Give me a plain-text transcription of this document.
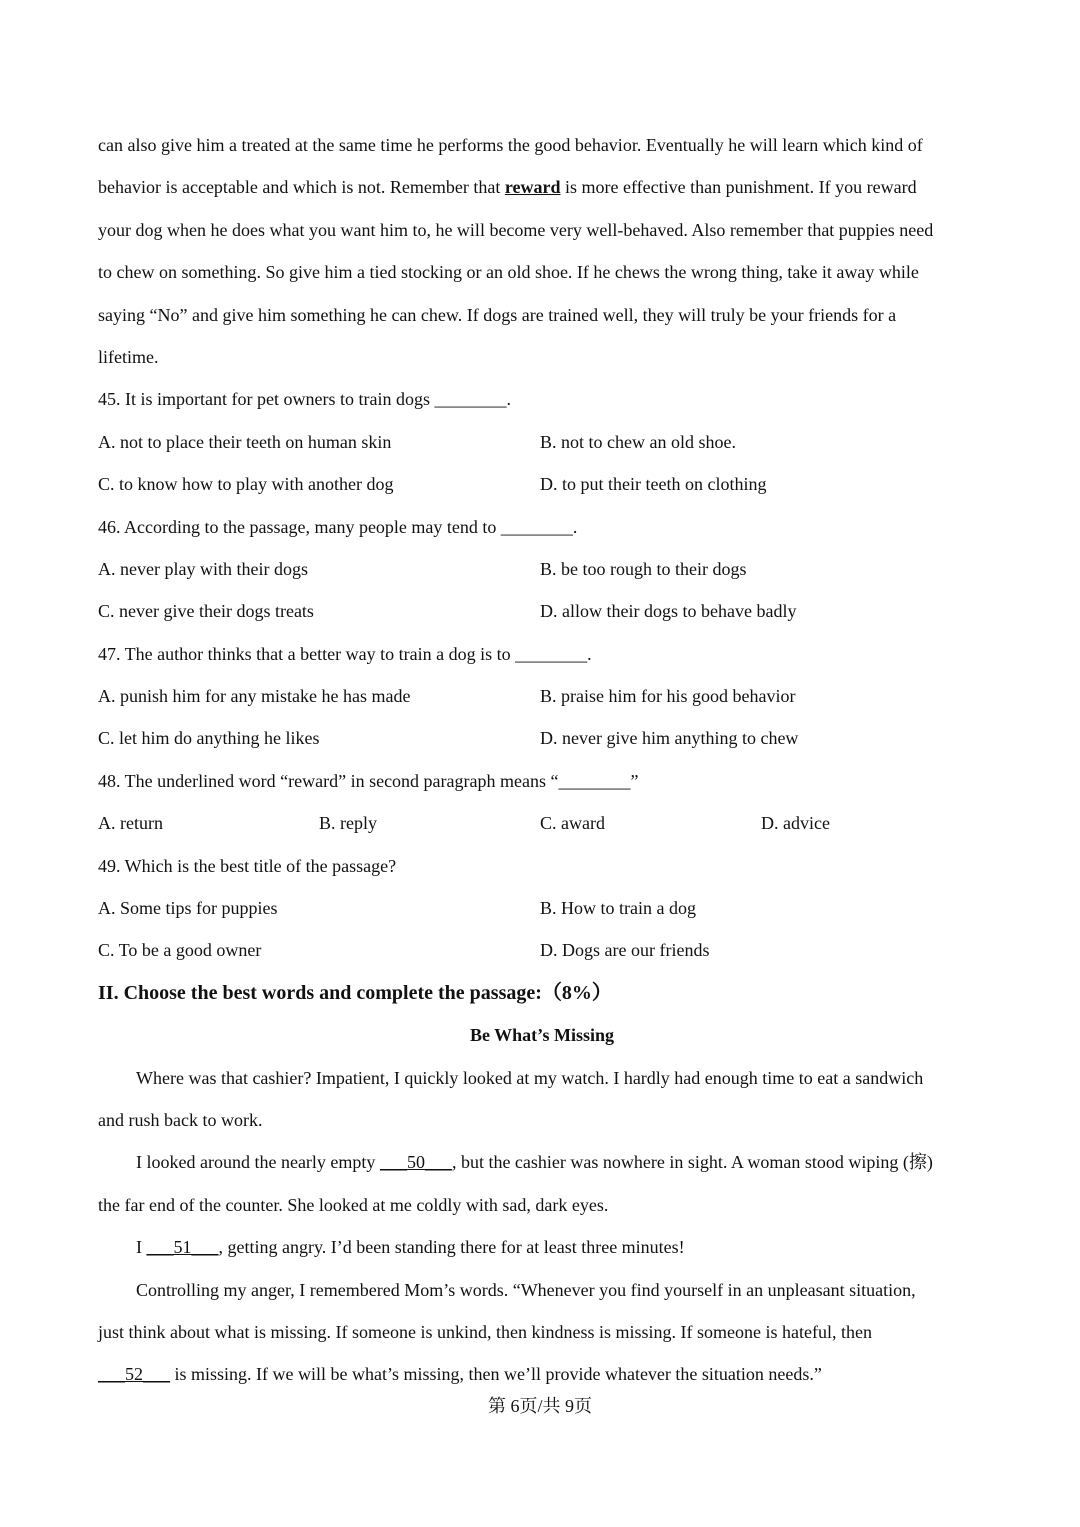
can also give him a treated at the same time he performs the good behavior. Eventually he will learn which kind of
behavior is acceptable and which is not. Remember that reward is more effective than punishment. If you reward
your dog when he does what you want him to, he will become very well-behaved. Also remember that puppies need
to chew on something. So give him a tied stocking or an old shoe. If he chews the wrong thing, take it away while
saying “No” and give him something he can chew. If dogs are trained well, they will truly be your friends for a
lifetime.
45. It is important for pet owners to train dogs ________.
A. not to place their teeth on human skin	B. not to chew an old shoe.
C. to know how to play with another dog	D. to put their teeth on clothing
46. According to the passage, many people may tend to ________.
A. never play with their dogs	B. be too rough to their dogs
C. never give their dogs treats	D. allow their dogs to behave badly
47. The author thinks that a better way to train a dog is to ________.
A. punish him for any mistake he has made	B. praise him for his good behavior
C. let him do anything he likes	D. never give him anything to chew
48. The underlined word “reward” in second paragraph means “________”
A. return	B. reply	C. award	D. advice
49. Which is the best title of the passage?
A. Some tips for puppies	B. How to train a dog
C. To be a good owner	D. Dogs are our friends
II. Choose the best words and complete the passage:（8%）
Be What’s Missing
Where was that cashier? Impatient, I quickly looked at my watch. I hardly had enough time to eat a sandwich
and rush back to work.
I looked around the nearly empty ___50___, but the cashier was nowhere in sight. A woman stood wiping (擦)
the far end of the counter. She looked at me coldly with sad, dark eyes.
I ___51___, getting angry. I’d been standing there for at least three minutes!
Controlling my anger, I remembered Mom’s words. “Whenever you find yourself in an unpleasant situation,
just think about what is missing. If someone is unkind, then kindness is missing. If someone is hateful, then
___52___ is missing. If we will be what’s missing, then we’ll provide whatever the situation needs.”
第 6页/共 9页
